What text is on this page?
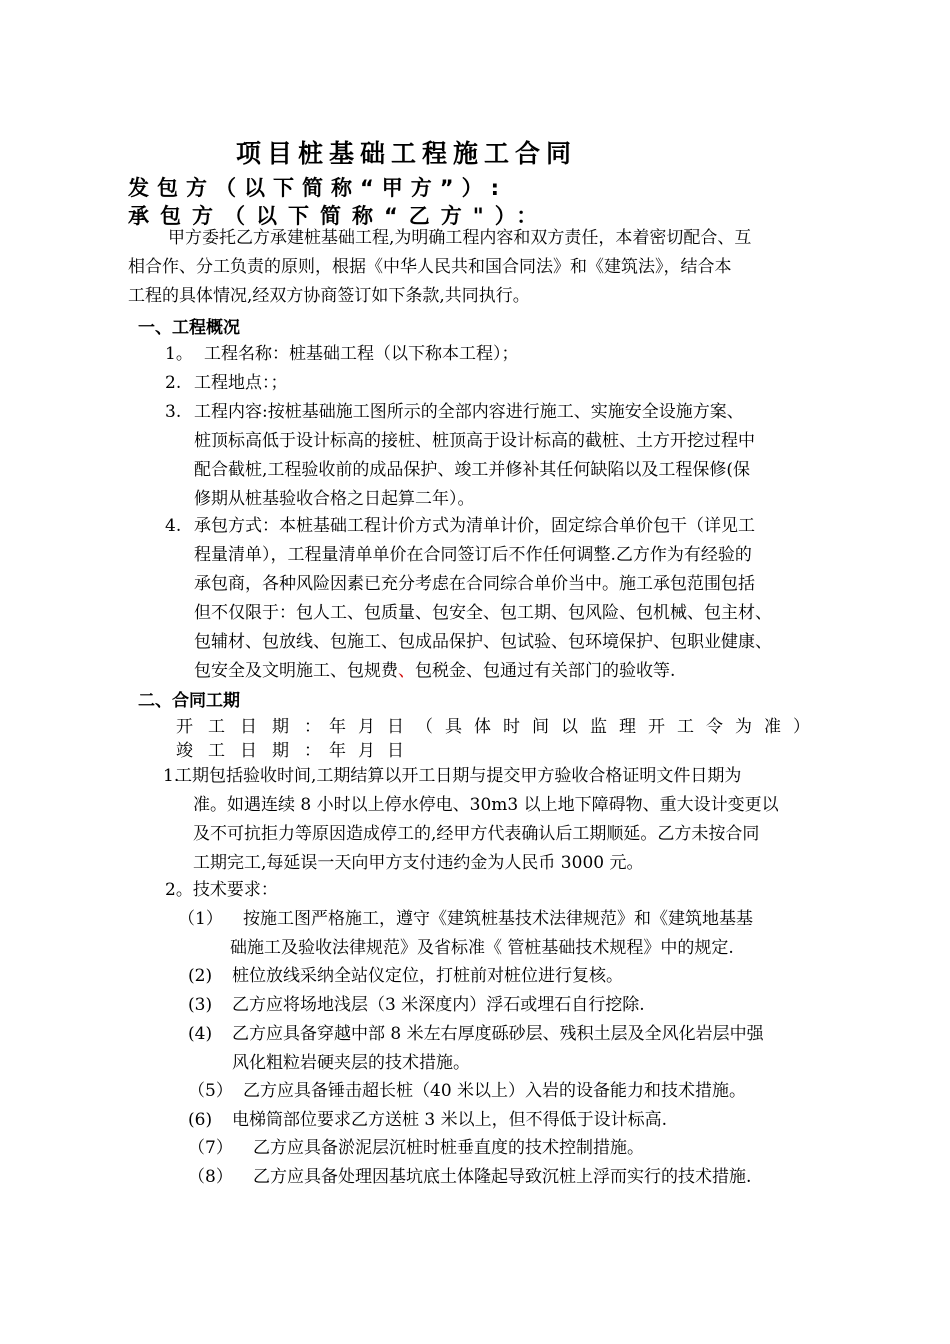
项目桩基础工程施工合同
发包方（以下简称“甲方”）:
承包方（以下简称“乙方"）：
甲方委托乙方承建桩基础工程,为明确工程内容和双方责任，本着密切配合、互
相合作、分工负责的原则，根据《中华人民共和国合同法》和《建筑法》，结合本
工程的具体情况,经双方协商签订如下条款,共同执行。
一、工程概况
1。 工程名称：桩基础工程（以下称本工程）；
2. 工程地点：；
3. 工程内容:按桩基础施工图所示的全部内容进行施工、实施安全设施方案、
桩顶标高低于设计标高的接桩、桩顶高于设计标高的截桩、土方开挖过程中
配合截桩,工程验收前的成品保护、竣工并修补其任何缺陷以及工程保修(保
修期从桩基验收合格之日起算二年）。
4. 承包方式：本桩基础工程计价方式为清单计价，固定综合单价包干（详见工
程量清单），工程量清单单价在合同签订后不作任何调整.乙方作为有经验的
承包商，各种风险因素已充分考虑在合同综合单价当中。施工承包范围包括
但不仅限于：包人工、包质量、包安全、包工期、包风险、包机械、包主材、
包辅材、包放线、包施工、包成品保护、包试验、包环境保护、包职业健康、
包安全及文明施工、包规费、包税金、包通过有关部门的验收等.
二、合同工期
开工日期：
年月日（具体时间以监理开工令为准）
竣工日期：
年月日
1.
工期包括验收时间,工期结算以开工日期与提交甲方验收合格证明文件日期为
准。如遇连续 8 小时以上停水停电、30m3 以上地下障碍物、重大设计变更以
及不可抗拒力等原因造成停工的,经甲方代表确认后工期顺延。乙方未按合同
工期完工,每延误一天向甲方支付违约金为人民币 3000 元。
2。技术要求：
（1） 按施工图严格施工，遵守《建筑桩基技术法律规范》和《建筑地基基
础施工及验收法律规范》及省标准《 管桩基础技术规程》中的规定.
(2) 桩位放线采纳全站仪定位，打桩前对桩位进行复核。
(3) 乙方应将场地浅层（3 米深度内）浮石或埋石自行挖除.
(4) 乙方应具备穿越中部 8 米左右厚度砾砂层、残积土层及全风化岩层中强
风化粗粒岩硬夹层的技术措施。
（5） 乙方应具备锤击超长桩（40 米以上）入岩的设备能力和技术措施。
(6) 电梯筒部位要求乙方送桩 3 米以上，但不得低于设计标高.
（7） 乙方应具备淤泥层沉桩时桩垂直度的技术控制措施。
（8） 乙方应具备处理因基坑底土体隆起导致沉桩上浮而实行的技术措施.
